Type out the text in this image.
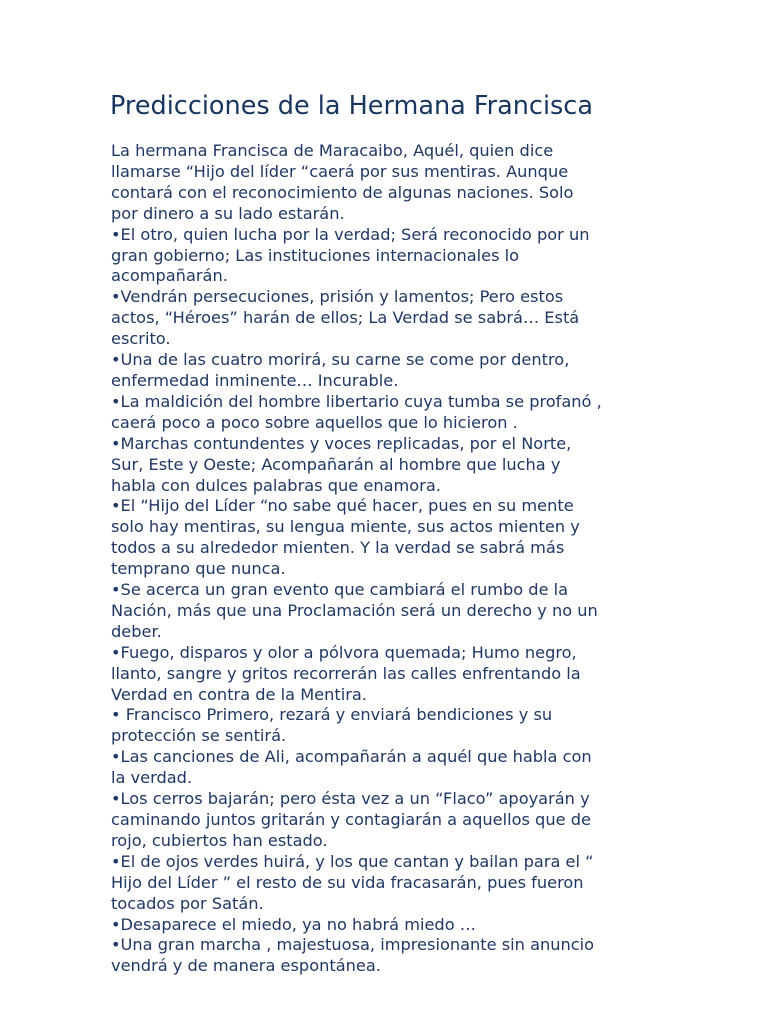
Predicciones de la Hermana Francisca
La hermana Francisca de Maracaibo, Aquél, quien dice
llamarse “Hijo del líder “caerá por sus mentiras. Aunque
contará con el reconocimiento de algunas naciones. Solo
por dinero a su lado estarán.
•El otro, quien lucha por la verdad; Será reconocido por un
gran gobierno; Las instituciones internacionales lo
acompañarán.
•Vendrán persecuciones, prisión y lamentos; Pero estos
actos, “Héroes” harán de ellos; La Verdad se sabrá… Está
escrito.
•Una de las cuatro morirá, su carne se come por dentro,
enfermedad inminente… Incurable.
•La maldición del hombre libertario cuya tumba se profanó ,
caerá poco a poco sobre aquellos que lo hicieron .
•Marchas contundentes y voces replicadas, por el Norte,
Sur, Este y Oeste; Acompañarán al hombre que lucha y
habla con dulces palabras que enamora.
•El “Hijo del Líder “no sabe qué hacer, pues en su mente
solo hay mentiras, su lengua miente, sus actos mienten y
todos a su alrededor mienten. Y la verdad se sabrá más
temprano que nunca.
•Se acerca un gran evento que cambiará el rumbo de la
Nación, más que una Proclamación será un derecho y no un
deber.
•Fuego, disparos y olor a pólvora quemada; Humo negro,
llanto, sangre y gritos recorrerán las calles enfrentando la
Verdad en contra de la Mentira.
• Francisco Primero, rezará y enviará bendiciones y su
protección se sentirá.
•Las canciones de Ali, acompañarán a aquél que habla con
la verdad.
•Los cerros bajarán; pero ésta vez a un “Flaco” apoyarán y
caminando juntos gritarán y contagiarán a aquellos que de
rojo, cubiertos han estado.
•El de ojos verdes huirá, y los que cantan y bailan para el “
Hijo del Líder ” el resto de su vida fracasarán, pues fueron
tocados por Satán.
•Desaparece el miedo, ya no habrá miedo …
•Una gran marcha , majestuosa, impresionante sin anuncio
vendrá y de manera espontánea.
